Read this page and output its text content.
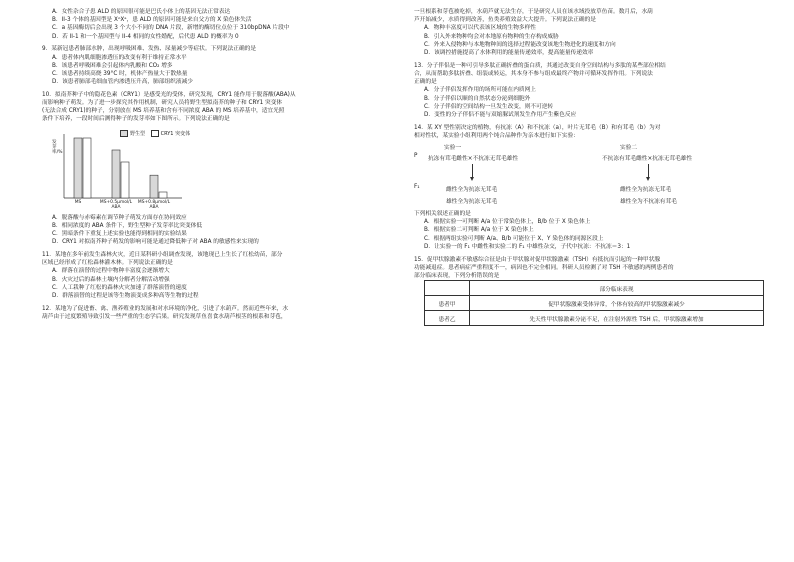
A．女性杂合子患 ALD 的原因很可能是巴氏小体上的基因无法正常表达
B．II-3 个体的基因型是 XᴬXᵃ，患 ALD 的原因可能是来自父方的 X 染色体失活
C．a 基因酶切后会出现 3 个大小不同的 DNA 片段，新增的酶切位点位于 310bpDNA 片段中
D．若 II-1 和一个基因型与 II-4 相同的女性婚配，后代患 ALD 的概率为 0
9．某新冠患者肺部水肿，出现呼吸困难、发热、尿量减少等症状。下列说法正确的是
A．患者体内肌细胞渗透压的改变有利于维持正常水平
B．该患者呼吸困难会引起体内乳酸和 CO₂ 增多
C．该患者持续高烧 39°C 时，机体产热量大于散热量
D．该患者肺部毛细血管内渗透压升高，肺部组织液减少
10．拟南芥种子中的隐花色素（CRY1）是感受光的受体，研究发现，CRY1 能作用于脱落酸(ABA)从
而影响种子萌发。为了进一步探究其作用机制，研究人员将野生型拟南芥的种子和 CRY1 突变体
(无法合成 CRY1)的种子，分别放在 MS 培养基和含有不同浓度 ABA 的 MS 培养基中，适宜光照
条件下培养，一段时间后测得种子的发芽率如下图所示。下列说法正确的是
发芽率/%
野生型	CRY1 突变体
MS	MS+0.5μmol/L ABA
MS+0.8μmol/L ABA
A．脱落酸与赤霉素在调节种子萌发方面存在协同效应
B．相同浓度的 ABA 条件下，野生型种子发芽率比突变体低
C．黑暗条件下重复上述实验也能得到相同的实验结果
D．CRY1 对拟南芥种子萌发的影响可能是通过降低种子对 ABA 的敏感性来实现的
11．某地在多年前发生森林火灾，近日某科研小组调查发现，该地现已上生长了红松幼苗，部分
区域已经形成了红松森林灌木林。下列说法正确的是
A．群落在演替的过程中物种丰富度会逐渐增大
B．火灾过后的森林土壤内分解者分解活动增强
C．人工栽种了红松的森林火灾加速了群落演替的速度
D．群落演替的过程是该等生物演变成多种高等生物的过程
12．某地为了促进畜、禽、渔养殖业的发展和对水环境的净化，引进了水葫芦。然而近些年来，水
葫芦由于过度繁殖导致引发一些严重的生态学后果。研究发现草鱼喜食水葫芦根茎的根系和芽苞，
一旦根系和芽苞被吃掉，水葫芦就无法生存，于是研究人员在该水域投放草鱼苗。数月后，水葫
芦开始减少，水质得到改善，鱼类养殖效益大大提升。下列说法正确的是
A．物种丰富度可以代表该区域的生物多样性
B．引入外来物种均会对本地原有物种的生存构成威胁
C．外来入侵物种与本地物种间的选择过程能改变该地生物进化的速度和方向
D．该调控措施提高了水体利用的能量传递效率，提高能量传递效率
13．分子伴侣是一种可引导多肽正确折叠的蛋白质，其通过改变自身空间结构与多肽的某些部位相结
合，从而帮助多肽折叠、组装或转运，其本身不参与组成最终产物并可循环发挥作用。下列说法
正确的是
A．分子伴侣发挥作用的场所可能在内质网上
B．分子伴侣以顺的自然状态分泌到细胞外
C．分子伴侣的空间结构一旦发生改变，则不可逆转
D．变性的分子伴侣不能与双缩脲试剂发生作用产生紫色反应
14．某 XY 型性别决定的植物，有抗冻（A）和不抗冻（a），叶片无茸毛（B）和有茸毛（b）为对
相对性状，某实验小组利用两个纯合品种作为亲本进行如下实验：
实验一	实验二
P 抗冻有茸毛雌性×不抗冻无茸毛雄性	不抗冻有茸毛雌性×抗冻无茸毛雄性
F₁	雌性全为抗冻无茸毛
雄性全为抗冻无茸毛
雌性全为抗冻无茸毛
雄性全为不抗冻有茸毛
下列相关叙述正确的是
A．根据实验一可判断 A/a 位于常染色体上，B/b 位于 X 染色体上
B．根据实验二可判断 A/a 位于 X 染色体上
C．根据两组实验可判断 A/a、B/b 可能位于 X、Y 染色体的同源区段上
D．让实验一的 F₁ 中雌性和实验二的 F₁ 中雄性杂交，子代中抗冻：不抗冻＝3：1
15．促甲状腺激素不敏感综合征是由于甲状腺对促甲状腺激素（TSH）有抵抗而引起的一种甲状腺
功能减退症。患者病症严重程度不一，病因也不完全相同。科研人员检测了对 TSH 不敏感的两例患者的
部分临床表现，下列分析错误的是
	部分临床表现
患者甲	促甲状腺激素受体异常，个体有较高的甲状腺激素减少
患者乙	先天性甲状腺激素分泌不足，在注射外源性 TSH 后，甲状腺激素增加
